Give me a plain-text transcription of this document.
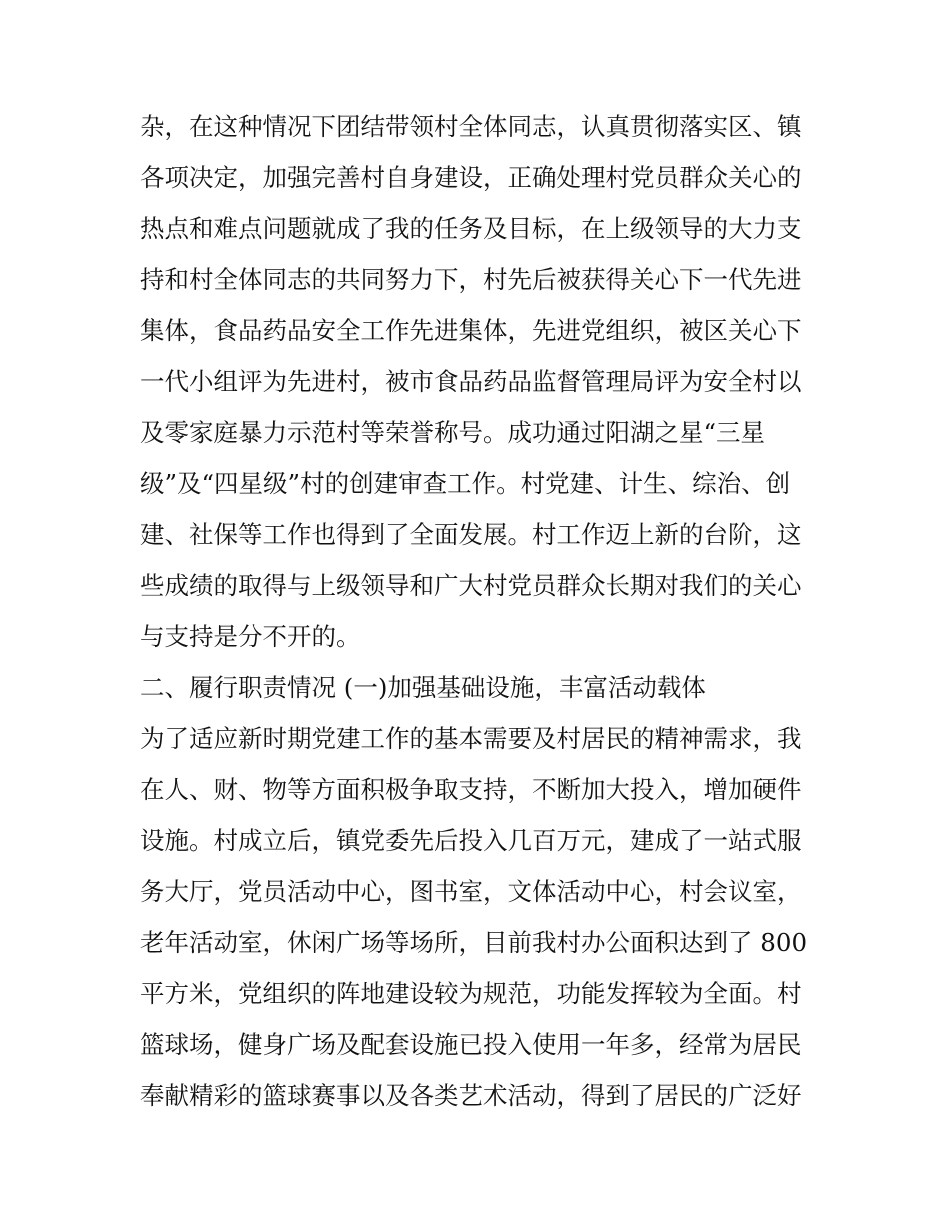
杂，在这种情况下团结带领村全体同志，认真贯彻落实区、镇
各项决定，加强完善村自身建设，正确处理村党员群众关心的
热点和难点问题就成了我的任务及目标，在上级领导的大力支
持和村全体同志的共同努力下，村先后被获得关心下一代先进
集体，食品药品安全工作先进集体，先进党组织，被区关心下
一代小组评为先进村，被市食品药品监督管理局评为安全村以
及零家庭暴力示范村等荣誉称号。成功通过阳湖之星“三星
级”及“四星级”村的创建审查工作。村党建、计生、综治、创
建、社保等工作也得到了全面发展。村工作迈上新的台阶，这
些成绩的取得与上级领导和广大村党员群众长期对我们的关心
与支持是分不开的。
二、履行职责情况 (一)加强基础设施，丰富活动载体
为了适应新时期党建工作的基本需要及村居民的精神需求，我
在人、财、物等方面积极争取支持，不断加大投入，增加硬件
设施。村成立后，镇党委先后投入几百万元，建成了一站式服
务大厅，党员活动中心，图书室，文体活动中心，村会议室，
老年活动室，休闲广场等场所，目前我村办公面积达到了 800
平方米，党组织的阵地建设较为规范，功能发挥较为全面。村
篮球场，健身广场及配套设施已投入使用一年多，经常为居民
奉献精彩的篮球赛事以及各类艺术活动，得到了居民的广泛好
